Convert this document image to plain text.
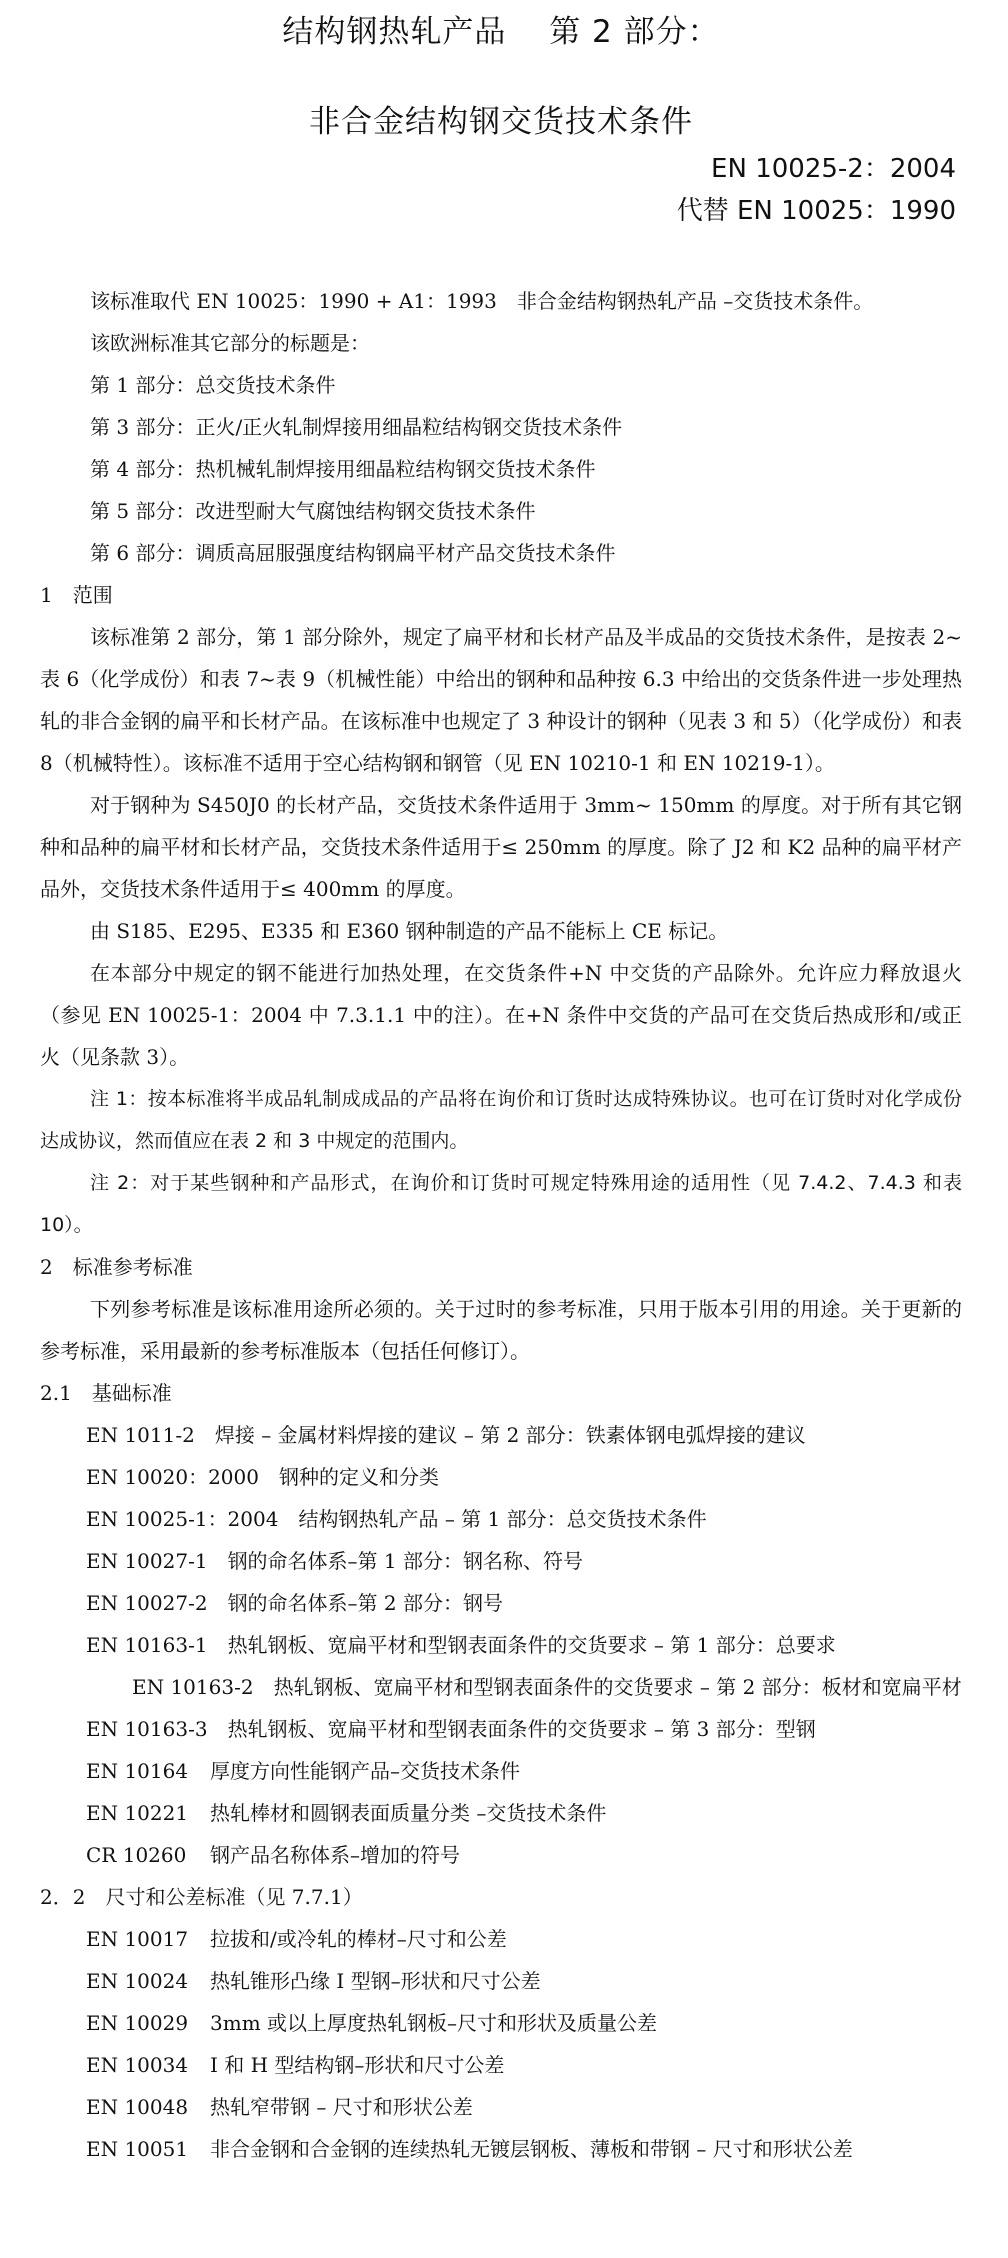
结构钢热轧产品　 第 2 部分：
非合金结构钢交货技术条件
EN 10025-2：2004
代替 EN 10025：1990

该标准取代 EN 10025：1990 + A1：1993　非合金结构钢热轧产品 –交货技术条件。

该欧洲标准其它部分的标题是：

第 1 部分：总交货技术条件

第 3 部分：正火/正火轧制焊接用细晶粒结构钢交货技术条件

第 4 部分：热机械轧制焊接用细晶粒结构钢交货技术条件

第 5 部分：改进型耐大气腐蚀结构钢交货技术条件

第 6 部分：调质高屈服强度结构钢扁平材产品交货技术条件

1　范围

该标准第 2 部分，第 1 部分除外，规定了扁平材和长材产品及半成品的交货技术条件，是按表 2~表 6（化学成份）和表 7~表 9（机械性能）中给出的钢种和品种按 6.3 中给出的交货条件进一步处理热轧的非合金钢的扁平和长材产品。在该标准中也规定了 3 种设计的钢种（见表 3 和 5）（化学成份）和表 8（机械特性）。该标准不适用于空心结构钢和钢管（见 EN 10210-1 和 EN 10219-1）。

对于钢种为 S450J0 的长材产品，交货技术条件适用于 3mm~ 150mm 的厚度。对于所有其它钢种和品种的扁平材和长材产品，交货技术条件适用于≤ 250mm 的厚度。除了 J2 和 K2 品种的扁平材产品外，交货技术条件适用于≤ 400mm 的厚度。

由 S185、E295、E335 和 E360 钢种制造的产品不能标上 CE 标记。

在本部分中规定的钢不能进行加热处理，在交货条件+N 中交货的产品除外。允许应力释放退火（参见 EN 10025-1：2004 中 7.3.1.1 中的注）。在+N 条件中交货的产品可在交货后热成形和/或正火（见条款 3）。

注 1：按本标准将半成品轧制成成品的产品将在询价和订货时达成特殊协议。也可在订货时对化学成份达成协议，然而值应在表 2 和 3 中规定的范围内。

注 2：对于某些钢种和产品形式，在询价和订货时可规定特殊用途的适用性（见 7.4.2、7.4.3 和表 10）。

2　标准参考标准

下列参考标准是该标准用途所必须的。关于过时的参考标准，只用于版本引用的用途。关于更新的参考标准，采用最新的参考标准版本（包括任何修订）。

2.1　基础标准

EN 1011-2　 焊接 – 金属材料焊接的建议 – 第 2 部分：铁素体钢电弧焊接的建议

EN 10020：2000　 钢种的定义和分类

EN 10025-1：2004　 结构钢热轧产品 – 第 1 部分：总交货技术条件

EN 10027-1　 钢的命名体系–第 1 部分：钢名称、符号

EN 10027-2　 钢的命名体系–第 2 部分：钢号

EN 10163-1　 热轧钢板、宽扁平材和型钢表面条件的交货要求 – 第 1 部分：总要求

EN 10163-2　 热轧钢板、宽扁平材和型钢表面条件的交货要求 – 第 2 部分：板材和宽扁平材

EN 10163-3　 热轧钢板、宽扁平材和型钢表面条件的交货要求 – 第 3 部分：型钢

EN 10164　 厚度方向性能钢产品–交货技术条件

EN 10221　 热轧棒材和圆钢表面质量分类 –交货技术条件

CR 10260　 钢产品名称体系–增加的符号

2．2　尺寸和公差标准（见 7.7.1）

EN 10017　 拉拔和/或冷轧的棒材–尺寸和公差

EN 10024　 热轧锥形凸缘 I 型钢–形状和尺寸公差

EN 10029　 3mm 或以上厚度热轧钢板–尺寸和形状及质量公差

EN 10034　 I 和 H 型结构钢–形状和尺寸公差

EN 10048　 热轧窄带钢 – 尺寸和形状公差

EN 10051　 非合金钢和合金钢的连续热轧无镀层钢板、薄板和带钢 – 尺寸和形状公差
